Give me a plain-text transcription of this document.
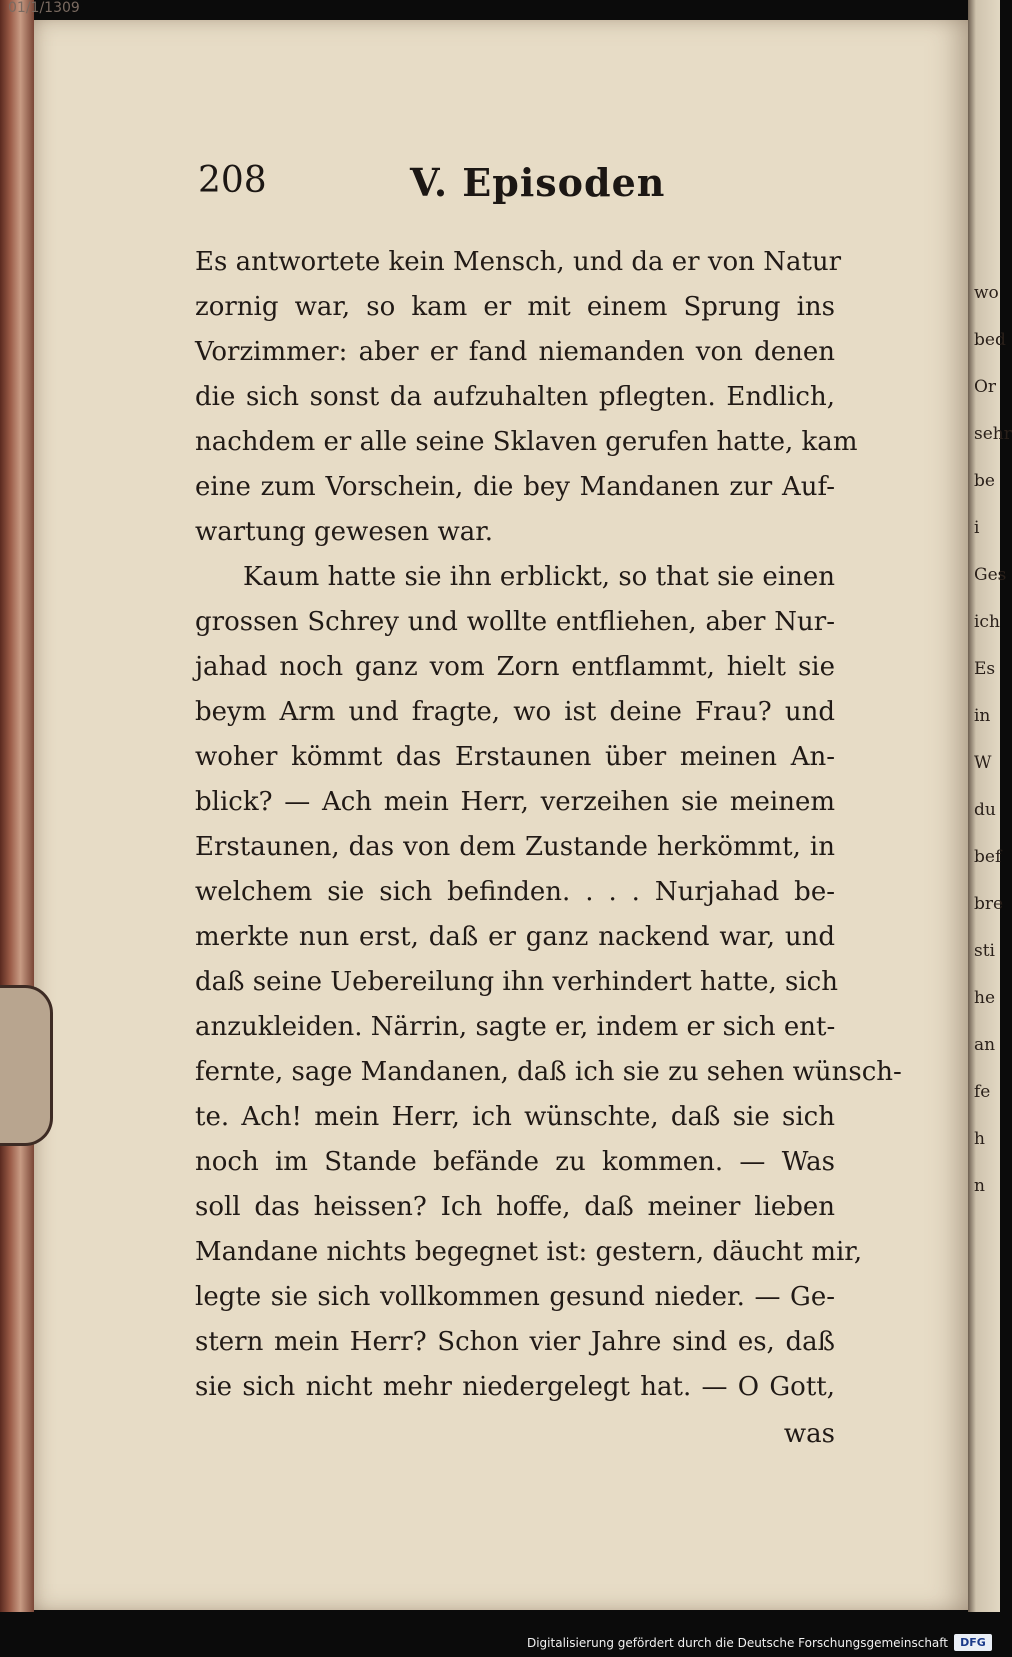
01/1/1309
wo
bed
Or
sehr
be i
Ges
ich
Es
in
W
du
bef
bre
sti
he
an
fe
h
n
208	V. Episoden
Es antwortete kein Mensch, und da er von Natur
zornig war, so kam er mit einem Sprung ins
Vorzimmer: aber er fand niemanden von denen
die sich sonst da aufzuhalten pflegten. Endlich,
nachdem er alle seine Sklaven gerufen hatte, kam
eine zum Vorschein, die bey Mandanen zur Auf-
wartung gewesen war.
Kaum hatte sie ihn erblickt, so that sie einen
grossen Schrey und wollte entfliehen, aber Nur-
jahad noch ganz vom Zorn entflammt, hielt sie
beym Arm und fragte, wo ist deine Frau? und
woher kömmt das Erstaunen über meinen An-
blick? — Ach mein Herr, verzeihen sie meinem
Erstaunen, das von dem Zustande herkömmt, in
welchem sie sich befinden. . . . Nurjahad be-
merkte nun erst, daß er ganz nackend war, und
daß seine Uebereilung ihn verhindert hatte, sich
anzukleiden. Närrin, sagte er, indem er sich ent-
fernte, sage Mandanen, daß ich sie zu sehen wünsch-
te. Ach! mein Herr, ich wünschte, daß sie sich
noch im Stande befände zu kommen. — Was
soll das heissen? Ich hoffe, daß meiner lieben
Mandane nichts begegnet ist: gestern, däucht mir,
legte sie sich vollkommen gesund nieder. — Ge-
stern mein Herr? Schon vier Jahre sind es, daß
sie sich nicht mehr niedergelegt hat. — O Gott,
was
Digitalisierung gefördert durch die Deutsche Forschungsgemeinschaft	DFG
